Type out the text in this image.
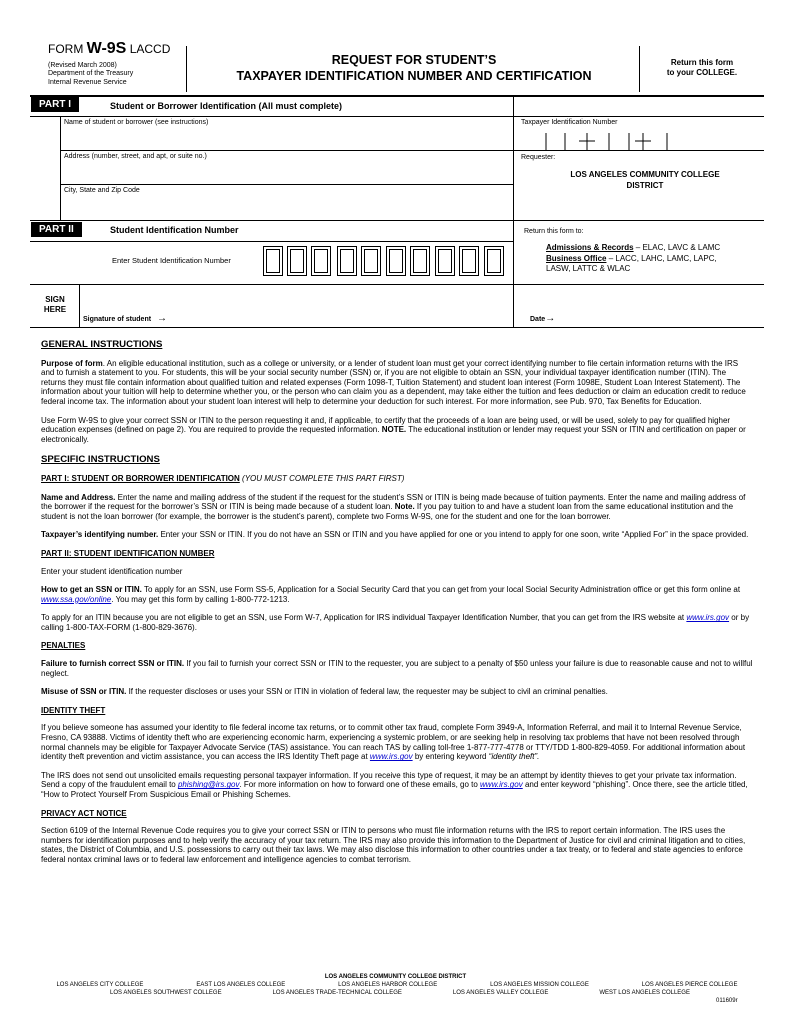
FORM W-9S LACCD
(Revised March 2008)
Department of the Treasury
Internal Revenue Service
REQUEST FOR STUDENT’S
TAXPAYER IDENTIFICATION NUMBER AND CERTIFICATION
Return this form
to your COLLEGE.
PART I	Student or Borrower Identification (All must complete)
Name of student or borrower (see instructions)
Address (number, street, and apt, or suite no.)
City, State and Zip Code
Taxpayer Identification Number
Requester:
LOS ANGELES COMMUNITY COLLEGE
DISTRICT
PART II	Student Identification Number
Enter Student Identification Number
Return this form to:
Admissions & Records – ELAC, LAVC & LAMC
Business Office – LACC, LAHC, LAMC, LAPC,
LASW, LATTC & WLAC
SIGN
HERE
Signature of student →	Date→
GENERAL INSTRUCTIONS

Purpose of form. An eligible educational institution, such as a college or university, or a lender of student loan must get your correct identifying number to file certain information returns with the IRS and to furnish a statement to you. For students, this will be your social security number (SSN) or, if you are not eligible to obtain an SSN, your individual taxpayer identification number (ITIN). The returns they must file contain information about qualified tuition and related expenses (Form 1098-T, Tuition Statement) and student loan interest (Form 1098E, Student Loan Interest Statement). The information about your tuition will help to determine whether you, or the person who can claim you as a dependent, may take either the tuition and fees deduction or claim an education credit to reduce federal income tax. The information about your student loan interest will help to determine your deduction for such interest. For more information, see Pub. 970, Tax Benefits for Education.

Use Form W-9S to give your correct SSN or ITIN to the person requesting it and, if applicable, to certify that the proceeds of a loan are being used, or will be used, solely to pay for qualified higher education expenses (defined on page 2). You are required to provide the requested information. NOTE. The educational institution or lender may request your SSN or ITIN and certification on paper or electronically.

SPECIFIC INSTRUCTIONS

PART I: STUDENT OR BORROWER IDENTIFICATION (YOU MUST COMPLETE THIS PART FIRST)

Name and Address. Enter the name and mailing address of the student if the request for the student’s SSN or ITIN is being made because of tuition payments. Enter the name and mailing address of the borrower if the request for the borrower’s SSN or ITIN is being made because of a student loan. Note. If you pay tuition to and have a student loan from the same educational institution and the student is not the loan borrower (for example, the borrower is the student’s parent), complete two Forms W-9S, one for the student and one for the loan borrower.

Taxpayer’s identifying number. Enter your SSN or ITIN. If you do not have an SSN or ITIN and you have applied for one or you intend to apply for one soon, write “Applied For” in the space provided.

PART II: STUDENT IDENTIFICATION NUMBER

Enter your student identification number

How to get an SSN or ITIN. To apply for an SSN, use Form SS-5, Application for a Social Security Card that you can get from your local Social Security Administration office or get this form online at www.ssa.gov/online. You may get this form by calling 1-800-772-1213.

To apply for an ITIN because you are not eligible to get an SSN, use Form W-7, Application for IRS individual Taxpayer Identification Number, that you can get from the IRS website at www.irs.gov or by calling 1-800-TAX-FORM (1-800-829-3676).

PENALTIES

Failure to furnish correct SSN or ITIN. If you fail to furnish your correct SSN or ITIN to the requester, you are subject to a penalty of $50 unless your failure is due to reasonable cause and not to willful neglect.

Misuse of SSN or ITIN. If the requester discloses or uses your SSN or ITIN in violation of federal law, the requester may be subject to civil an criminal penalties.

IDENTITY THEFT

If you believe someone has assumed your identity to file federal income tax returns, or to commit other tax fraud, complete Form 3949-A, Information Referral, and mail it to Internal Revenue Service, Fresno, CA 93888. Victims of identity theft who are experiencing economic harm, experiencing a systemic problem, or are seeking help in resolving tax problems that have not been resolved through normal channels may be eligible for Taxpayer Advocate Service (TAS) assistance. You can reach TAS by calling toll-free 1-877-777-4778 or TTY/TDD 1-800-829-4059. For additional information about identity theft prevention and victim assistance, you can access the IRS Identity Theft page at www.irs.gov by entering keyword “identity theft”.

The IRS does not send out unsolicited emails requesting personal taxpayer information. If you receive this type of request, it may be an attempt by identity thieves to get your private tax information. Send a copy of the fraudulent email to phishing@irs.gov. For more information on how to forward one of these emails, go to www.irs.gov and enter keyword “phishing”. Once there, see the article titled, “How to Protect Yourself From Suspicious Email or Phishing Schemes.

PRIVACY ACT NOTICE

Section 6109 of the Internal Revenue Code requires you to give your correct SSN or ITIN to persons who must file information returns with the IRS to report certain information. The IRS uses the numbers for identification purposes and to help verify the accuracy of your tax return. The IRS may also provide this information to the Department of Justice for civil and criminal litigation and to cities, states, the District of Columbia, and U.S. possessions to carry out their tax laws. We may also disclose this information to other countries under a tax treaty, or to federal and state agencies to enforce federal nontax criminal laws or to federal law enforcement and intelligence agencies to combat terrorism.

LOS ANGELES COMMUNITY COLLEGE DISTRICT
LOS ANGELES CITY COLLEGE	EAST LOS ANGELES COLLEGE	LOS ANGELES HARBOR COLLEGE	LOS ANGELES MISSION COLLEGE	LOS ANGELES PIERCE COLLEGE
LOS ANGELES SOUTHWEST COLLEGE	LOS ANGELES TRADE-TECHNICAL COLLEGE	LOS ANGELES VALLEY COLLEGE	WEST LOS ANGELES COLLEGE
011609r
